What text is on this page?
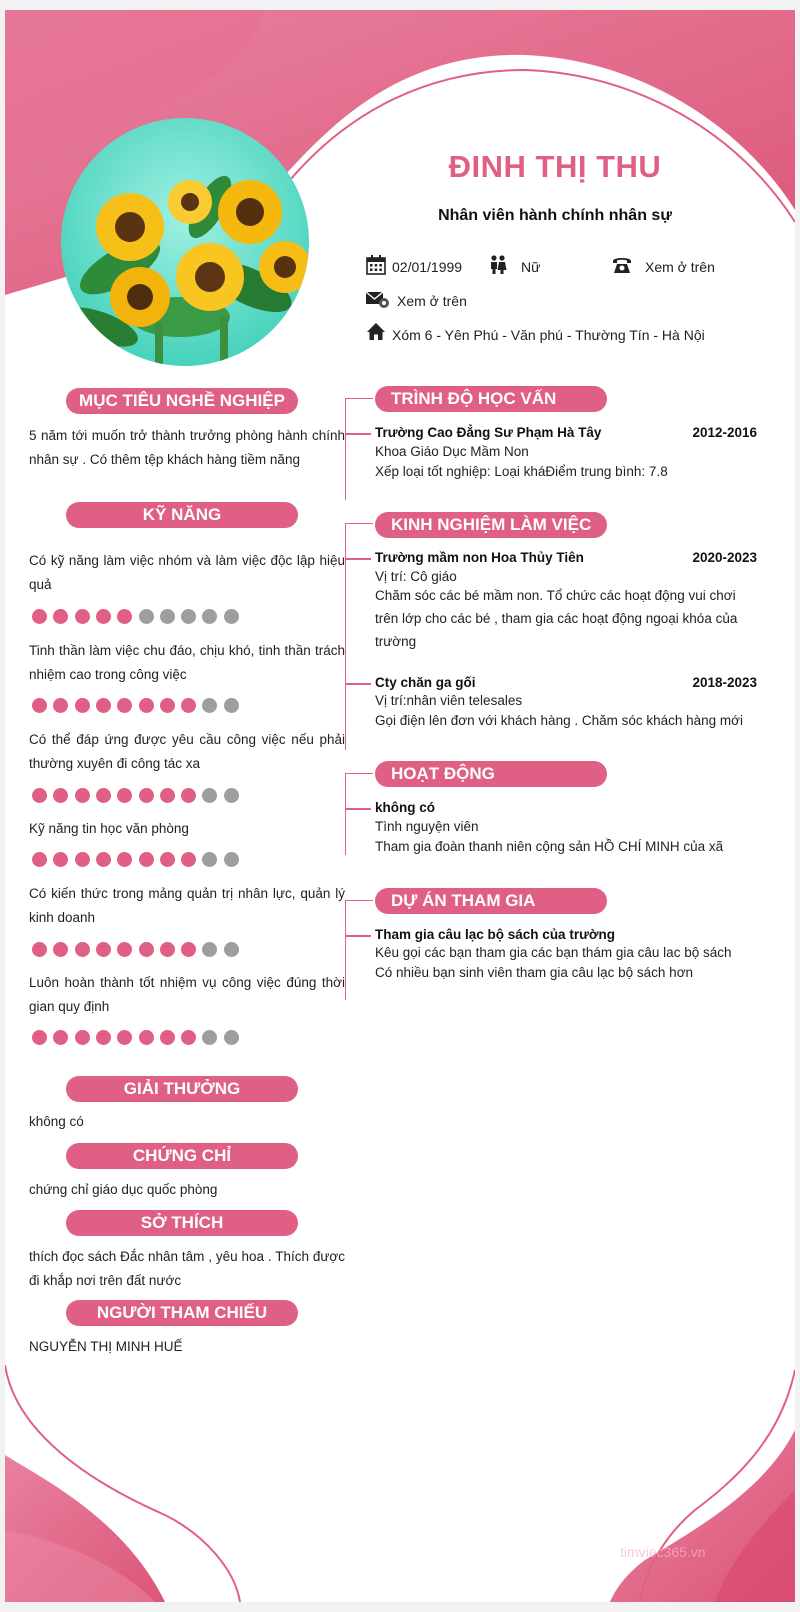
ĐINH THỊ THU
Nhân viên hành chính nhân sự
02/01/1999	Nữ	Xem ở trên
Xem ở trên
Xóm 6 - Yên Phú - Văn phú - Thường Tín - Hà Nội
MỤC TIÊU NGHỀ NGHIỆP
5 năm tới muốn trở thành trưởng phòng hành chính nhân sự . Có thêm tệp khách hàng tiềm năng
KỸ NĂNG
Có kỹ năng làm việc nhóm và làm việc độc lập hiệu quả
Tinh thần làm việc chu đáo, chịu khó, tinh thần trách nhiệm cao trong công việc
Có thể đáp ứng được yêu cầu công việc nếu phải thường xuyên đi công tác xa
Kỹ năng tin học văn phòng
Có kiến thức trong mảng quản trị nhân lực, quản lý kinh doanh
Luôn hoàn thành tốt nhiệm vụ công việc đúng thời gian quy định
GIẢI THƯỞNG
không có
CHỨNG CHỈ
chứng chỉ giáo dục quốc phòng
SỞ THÍCH
thích đọc sách Đắc nhân tâm , yêu hoa . Thích được đi khắp nơi trên đất nước
NGƯỜI THAM CHIẾU
NGUYỄN THỊ MINH HUẾ
TRÌNH ĐỘ HỌC VẤN
Trường Cao Đẳng Sư Phạm Hà Tây	2012-2016
Khoa Giáo Dục Mầm Non
Xếp loại tốt nghiệp: Loại kháĐiểm trung bình: 7.8
KINH NGHIỆM LÀM VIỆC
Trường mầm non Hoa Thủy Tiên	2020-2023
Vị trí: Cô giáo
Chăm sóc các bé mầm non. Tổ chức các hoạt động vui chơi trên lớp cho các bé , tham gia các hoạt động ngoại khóa của trường
Cty chăn ga gối	2018-2023
Vị trí:nhân viên telesales
Gọi điện lên đơn với khách hàng . Chăm sóc khách hàng mới
HOẠT ĐỘNG
không có
Tình nguyện viên
Tham gia đoàn thanh niên cộng sản HỒ CHÍ MINH của xã
DỰ ÁN THAM GIA
Tham gia câu lạc bộ sách của trường
Kêu gọi các bạn tham gia các bạn thám gia câu lac bộ sách
Có nhiều bạn sinh viên tham gia câu lạc bộ sách hơn
timviec365.vn
